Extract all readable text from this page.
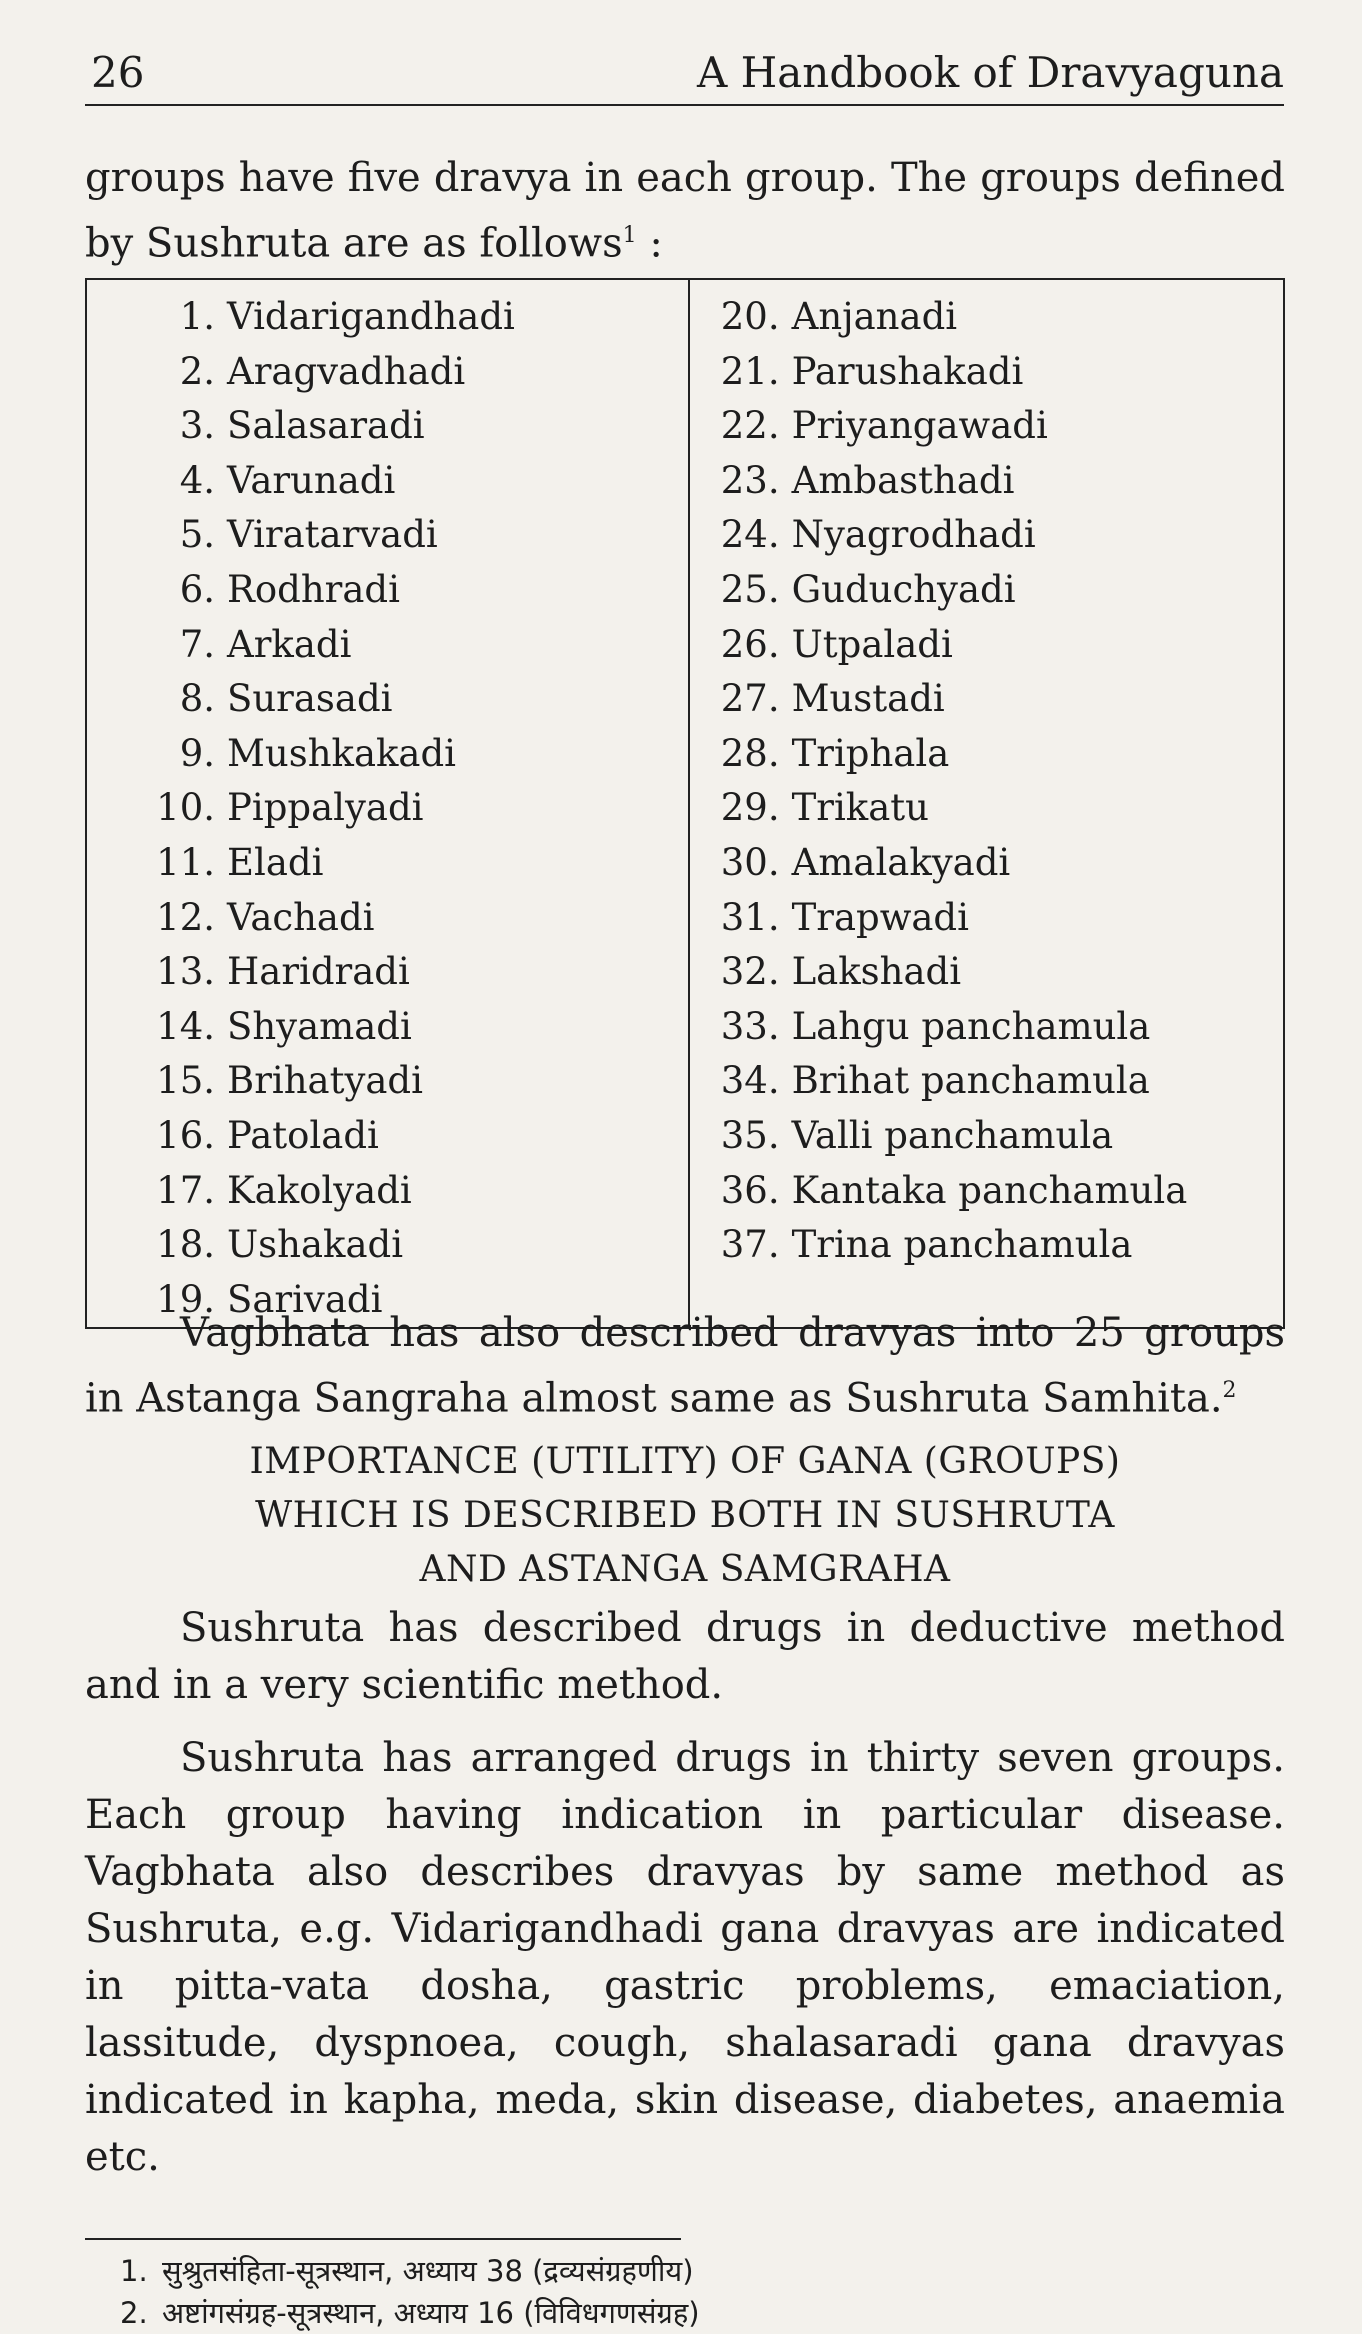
26	A Handbook of Dravyaguna
groups have five dravya in each group. The groups defined by Sushruta are as follows$^1$ :
1. Vidarigandhadi
2. Aragvadhadi
3. Salasaradi
4. Varunadi
5. Viratarvadi
6. Rodhradi
7. Arkadi
8. Surasadi
9. Mushkakadi
10. Pippalyadi
11. Eladi
12. Vachadi
13. Haridradi
14. Shyamadi
15. Brihatyadi
16. Patoladi
17. Kakolyadi
18. Ushakadi
19. Sarivadi

20. Anjanadi
21. Parushakadi
22. Priyangawadi
23. Ambasthadi
24. Nyagrodhadi
25. Guduchyadi
26. Utpaladi
27. Mustadi
28. Triphala
29. Trikatu
30. Amalakyadi
31. Trapwadi
32. Lakshadi
33. Lahgu panchamula
34. Brihat panchamula
35. Valli panchamula
36. Kantaka panchamula
37. Trina panchamula
Vagbhata has also described dravyas into 25 groups in Astanga Sangraha almost same as Sushruta Samhita.$^2$
IMPORTANCE (UTILITY) OF GANA (GROUPS)
WHICH IS DESCRIBED BOTH IN SUSHRUTA
AND ASTANGA SAMGRAHA
Sushruta has described drugs in deductive method and in a very scientific method.
Sushruta has arranged drugs in thirty seven groups. Each group having indication in particular disease. Vagbhata also describes dravyas by same method as Sushruta, e.g. Vidarigandhadi gana dravyas are indicated in pitta-vata dosha, gastric problems, emaciation, lassitude, dyspnoea, cough, shalasaradi gana dravyas indicated in kapha, meda, skin disease, diabetes, anaemia etc.
1. सुश्रुतसंहिता-सूत्रस्थान, अध्याय 38 (द्रव्यसंग्रहणीय)
2. अष्टांगसंग्रह-सूत्रस्थान, अध्याय 16 (विविधगणसंग्रह)
